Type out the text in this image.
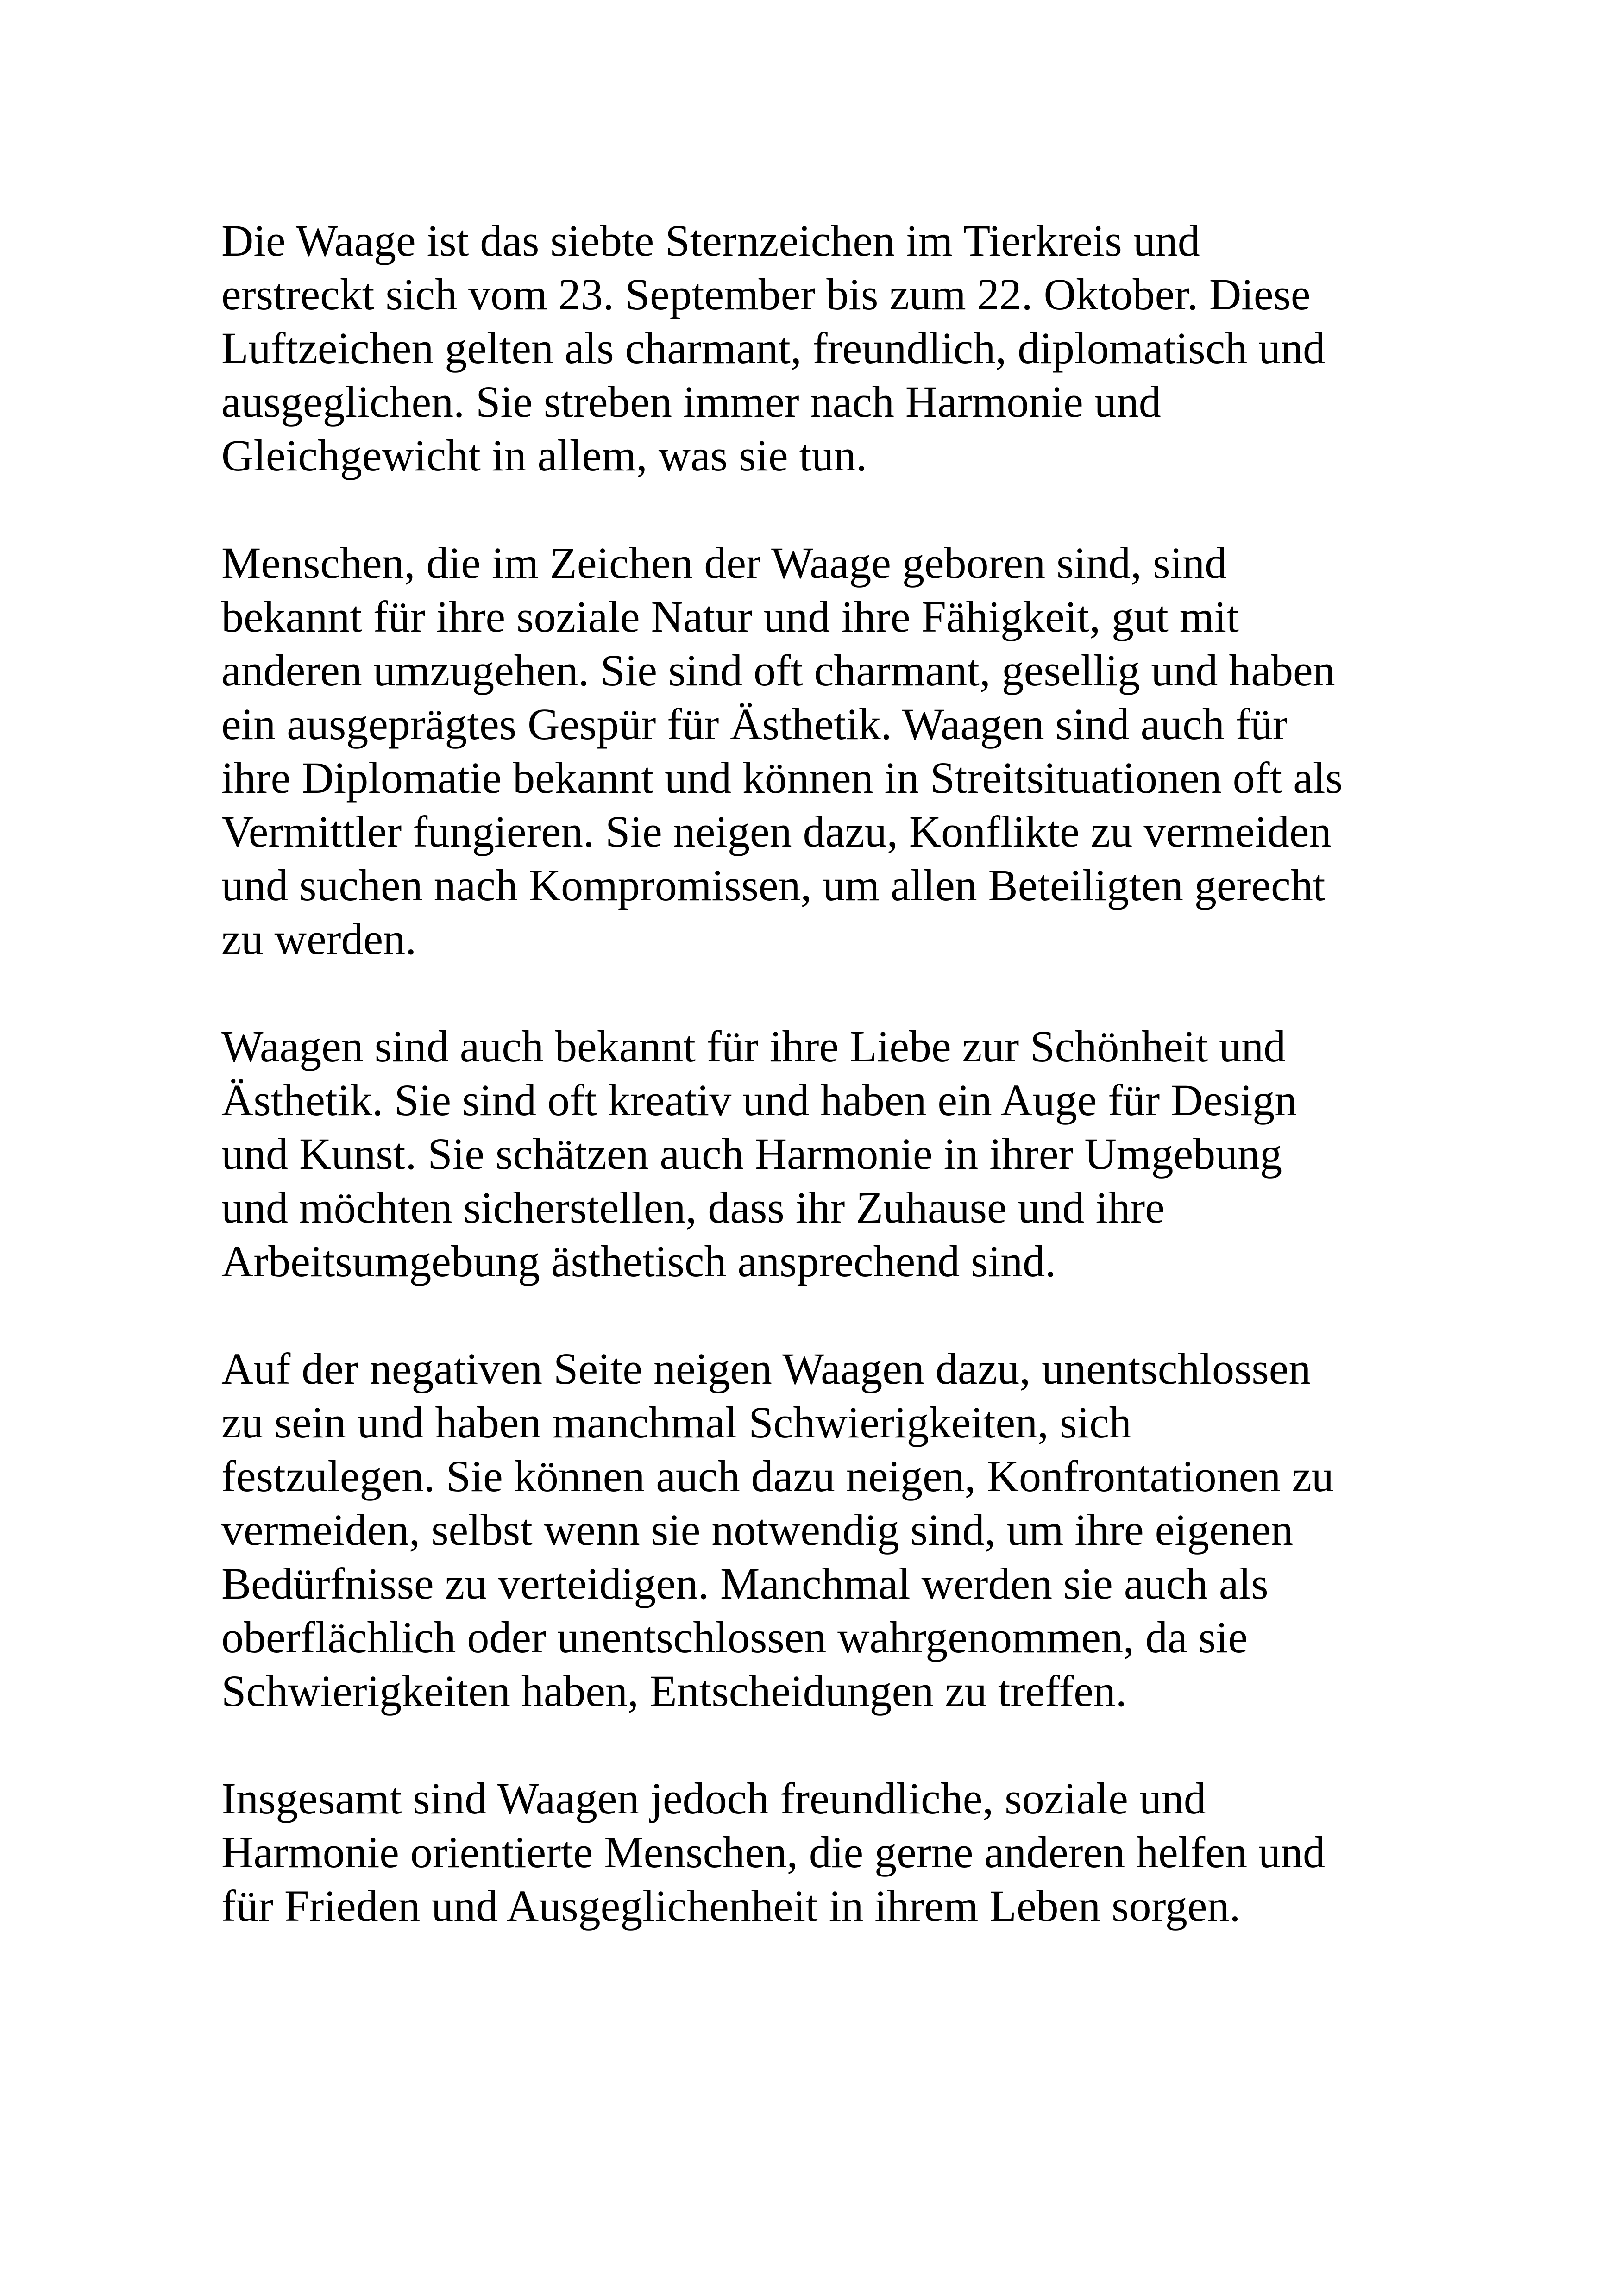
Die Waage ist das siebte Sternzeichen im Tierkreis und
erstreckt sich vom 23. September bis zum 22. Oktober. Diese
Luftzeichen gelten als charmant, freundlich, diplomatisch und
ausgeglichen. Sie streben immer nach Harmonie und
Gleichgewicht in allem, was sie tun.

Menschen, die im Zeichen der Waage geboren sind, sind
bekannt für ihre soziale Natur und ihre Fähigkeit, gut mit
anderen umzugehen. Sie sind oft charmant, gesellig und haben
ein ausgeprägtes Gespür für Ästhetik. Waagen sind auch für
ihre Diplomatie bekannt und können in Streitsituationen oft als
Vermittler fungieren. Sie neigen dazu, Konflikte zu vermeiden
und suchen nach Kompromissen, um allen Beteiligten gerecht
zu werden.

Waagen sind auch bekannt für ihre Liebe zur Schönheit und
Ästhetik. Sie sind oft kreativ und haben ein Auge für Design
und Kunst. Sie schätzen auch Harmonie in ihrer Umgebung
und möchten sicherstellen, dass ihr Zuhause und ihre
Arbeitsumgebung ästhetisch ansprechend sind.

Auf der negativen Seite neigen Waagen dazu, unentschlossen
zu sein und haben manchmal Schwierigkeiten, sich
festzulegen. Sie können auch dazu neigen, Konfrontationen zu
vermeiden, selbst wenn sie notwendig sind, um ihre eigenen
Bedürfnisse zu verteidigen. Manchmal werden sie auch als
oberflächlich oder unentschlossen wahrgenommen, da sie
Schwierigkeiten haben, Entscheidungen zu treffen.

Insgesamt sind Waagen jedoch freundliche, soziale und
Harmonie orientierte Menschen, die gerne anderen helfen und
für Frieden und Ausgeglichenheit in ihrem Leben sorgen.
